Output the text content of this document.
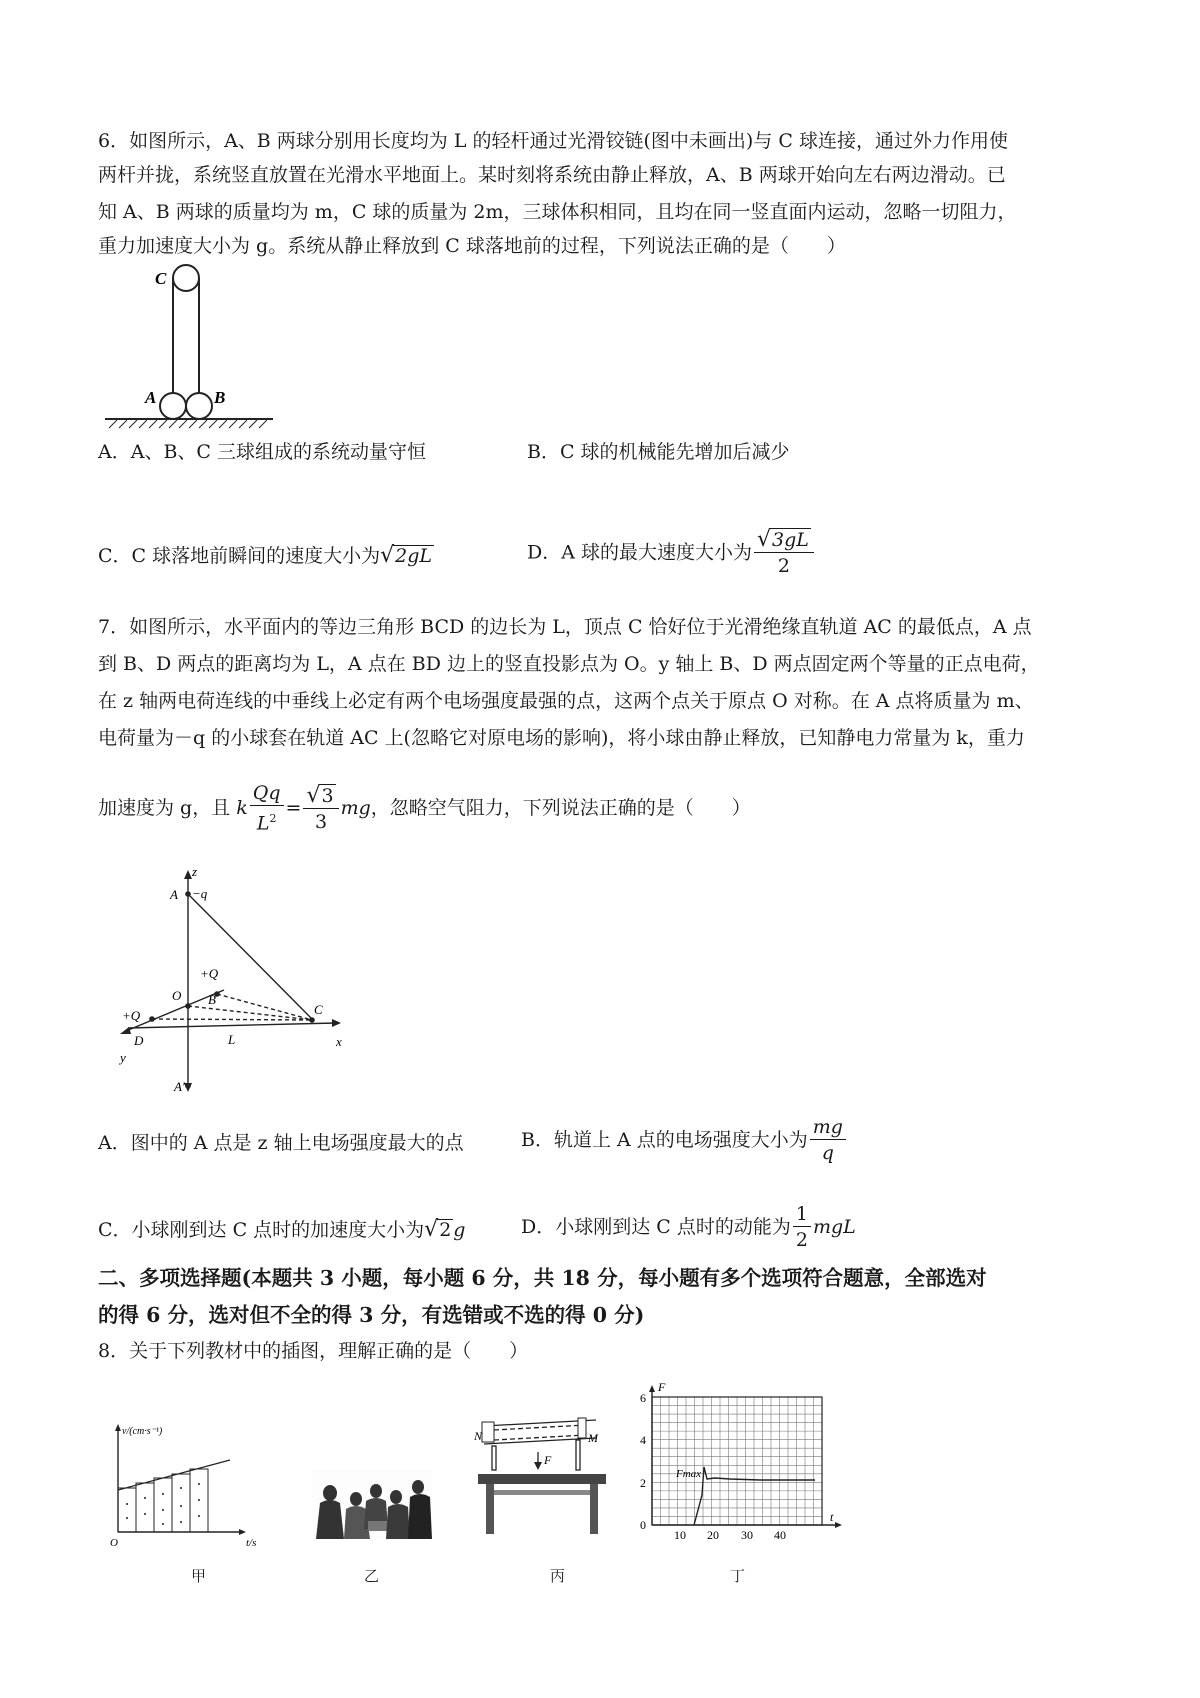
6．如图所示，A、B 两球分别用长度均为 L 的轻杆通过光滑铰链(图中未画出)与 C 球连接，通过外力作用使
两杆并拢，系统竖直放置在光滑水平地面上。某时刻将系统由静止释放，A、B 两球开始向左右两边滑动。已
知 A、B 两球的质量均为 m，C 球的质量为 2m，三球体积相同，且均在同一竖直面内运动，忽略一切阻力，
重力加速度大小为 g。系统从静止释放到 C 球落地前的过程，下列说法正确的是（　　）
C
A	B
A．A、B、C 三球组成的系统动量守恒	B．C 球的机械能先增加后减少
C．C 球落地前瞬间的速度大小为√2gL	D．A 球的最大速度大小为 $\frac{√3gL}{2}$
7．如图所示，水平面内的等边三角形 BCD 的边长为 L，顶点 C 恰好位于光滑绝缘直轨道 AC 的最低点，A 点
到 B、D 两点的距离均为 L，A 点在 BD 边上的竖直投影点为 O。y 轴上 B、D 两点固定两个等量的正点电荷，
在 z 轴两电荷连线的中垂线上必定有两个电场强度最强的点，这两个点关于原点 O 对称。在 A 点将质量为 m、
电荷量为－q 的小球套在轨道 AC 上(忽略它对原电场的影响)，将小球由静止释放，已知静电力常量为 k，重力
加速度为 g，且 k $\frac{Qq}{L^2} = \frac{√3}{3}$ mg，忽略空气阻力，下列说法正确的是（　　）
z
A −q
+Q
B
O
+Q	C
D	L
y
x
A′
A．图中的 A 点是 z 轴上电场强度最大的点	B．轨道上 A 点的电场强度大小为 $\frac{mg}{q}$
C．小球刚到达 C 点时的加速度大小为√2 g	D．小球刚到达 C 点时的动能为 $\frac{1}{2}$ mgL
二、多项选择题(本题共 3 小题，每小题 6 分，共 18 分，每小题有多个选项符合题意，全部选对
的得 6 分，选对但不全的得 3 分，有选错或不选的得 0 分)
8．关于下列教材中的插图，理解正确的是（　　）
v/(cm·s⁻¹)
t/s
O
甲	乙
N	M
F
丙
F
t
Fmax
0
2
4
6
10 20 30 40
丁
